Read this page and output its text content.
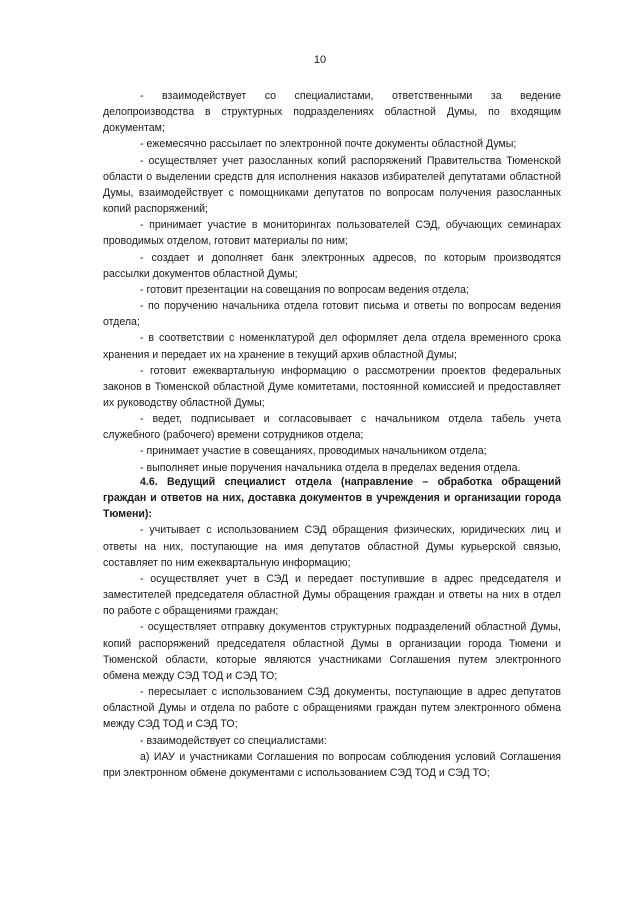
10

- взаимодействует со специалистами, ответственными за ведение делопроизводства в структурных подразделениях областной Думы, по входящим документам;

- ежемесячно рассылает по электронной почте документы областной Думы;

- осуществляет учет разосланных копий распоряжений Правительства Тюменской области о выделении средств для исполнения наказов избирателей депутатами областной Думы, взаимодействует с помощниками депутатов по вопросам получения разосланных копий распоряжений;

- принимает участие в мониторингах пользователей СЭД, обучающих семинарах проводимых отделом, готовит материалы по ним;

- создает и дополняет банк электронных адресов, по которым производятся рассылки документов областной Думы;

- готовит презентации на совещания по вопросам ведения отдела;

- по поручению начальника отдела готовит письма и ответы по вопросам ведения отдела;

- в соответствии с номенклатурой дел оформляет дела отдела временного срока хранения и передает их на хранение в текущий архив областной Думы;

- готовит ежеквартальную информацию о рассмотрении проектов федеральных законов в Тюменской областной Думе комитетами, постоянной комиссией и предоставляет их руководству областной Думы;

- ведет, подписывает и согласовывает с начальником отдела табель учета служебного (рабочего) времени сотрудников отдела;

- принимает участие в совещаниях, проводимых начальником отдела;

- выполняет иные поручения начальника отдела в пределах ведения отдела.

4.6. Ведущий специалист отдела (направление – обработка обращений граждан и ответов на них, доставка документов в учреждения и организации города Тюмени):

- учитывает с использованием СЭД обращения физических, юридических лиц и ответы на них, поступающие на имя депутатов областной Думы курьерской связью, составляет по ним ежеквартальную информацию;

- осуществляет учет в СЭД и передает поступившие в адрес председателя и заместителей председателя областной Думы обращения граждан и ответы на них в отдел по работе с обращениями граждан;

- осуществляет отправку документов структурных подразделений областной Думы, копий распоряжений председателя областной Думы в организации города Тюмени и Тюменской области, которые являются участниками Соглашения путем электронного обмена между СЭД ТОД и СЭД ТО;

- пересылает с использованием СЭД документы, поступающие в адрес депутатов областной Думы и отдела по работе с обращениями граждан путем электронного обмена между СЭД ТОД и СЭД ТО;

- взаимодействует со специалистами:

а) ИАУ и участниками Соглашения по вопросам соблюдения условий Соглашения при электронном обмене документами с использованием СЭД ТОД и СЭД ТО;
